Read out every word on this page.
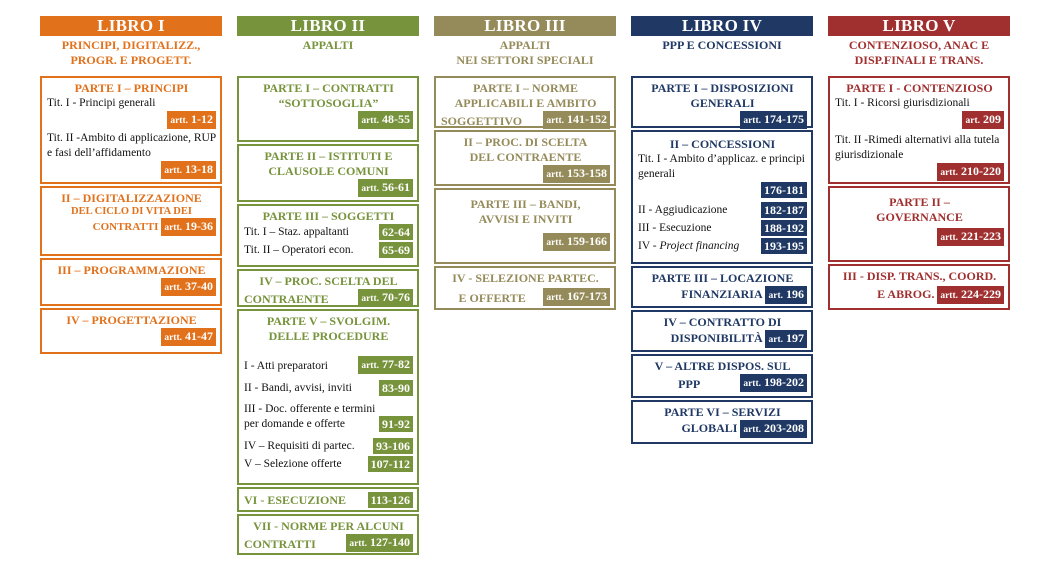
LIBRO I
PRINCIPI, DIGITALIZZ.,
PROGR. E PROGETT.
PARTE I – PRINCIPI
Tit. I - Principi generali
artt. 1-12
Tit. II -Ambito di applicazione, RUP e fasi dell’affidamento
artt. 13-18
II – DIGITALIZZAZIONE
DEL CICLO DI VITA DEI
CONTRATTI artt. 19-36
III – PROGRAMMAZIONE
artt. 37-40
IV – PROGETTAZIONE
artt. 41-47
LIBRO II
APPALTI
PARTE I – CONTRATTI
“SOTTOSOGLIA”
artt. 48-55
PARTE II – ISTITUTI E
CLAUSOLE COMUNI
artt. 56-61
PARTE III – SOGGETTI
Tit. I – Staz. appaltanti	62-64
Tit. II – Operatori econ.	65-69
IV – PROC. SCELTA DEL
CONTRAENTE	artt. 70-76
PARTE V – SVOLGIM.
DELLE PROCEDURE
I - Atti preparatori	artt. 77-82
II - Bandi, avvisi, inviti	83-90
III - Doc. offerente e termini per domande e offerte	91-92
IV – Requisiti di partec.	93-106
V – Selezione offerte	107-112
VI - ESECUZIONE 113-126
VII - NORME PER ALCUNI
CONTRATTI	artt. 127-140
LIBRO III
APPALTI
NEI SETTORI SPECIALI
PARTE I – NORME
APPLICABILI E AMBITO
SOGGETTIVO	artt. 141-152
II – PROC. DI SCELTA
DEL CONTRAENTE
artt. 153-158
PARTE III – BANDI,
AVVISI E INVITI
artt. 159-166
IV - SELEZIONE PARTEC.
E OFFERTE	artt. 167-173
LIBRO IV
PPP E CONCESSIONI
PARTE I – DISPOSIZIONI
GENERALI
artt. 174-175
II – CONCESSIONI
Tit. I - Ambito d’applicaz. e principi generali
176-181
II - Aggiudicazione	182-187
III - Esecuzione	188-192
IV - Project financing	193-195
PARTE III – LOCAZIONE
FINANZIARIA art. 196
IV – CONTRATTO DI
DISPONIBILITÀ art. 197
V – ALTRE DISPOS. SUL
PPP	artt. 198-202
PARTE VI – SERVIZI
GLOBALI artt. 203-208
LIBRO V
CONTENZIOSO, ANAC E
DISP.FINALI E TRANS.
PARTE I - CONTENZIOSO
Tit. I - Ricorsi giurisdizionali
art. 209
Tit. II -Rimedi alternativi alla tutela giurisdizionale
artt. 210-220
PARTE II –
GOVERNANCE
artt. 221-223
III - DISP. TRANS., COORD.
E ABROG. artt. 224-229
